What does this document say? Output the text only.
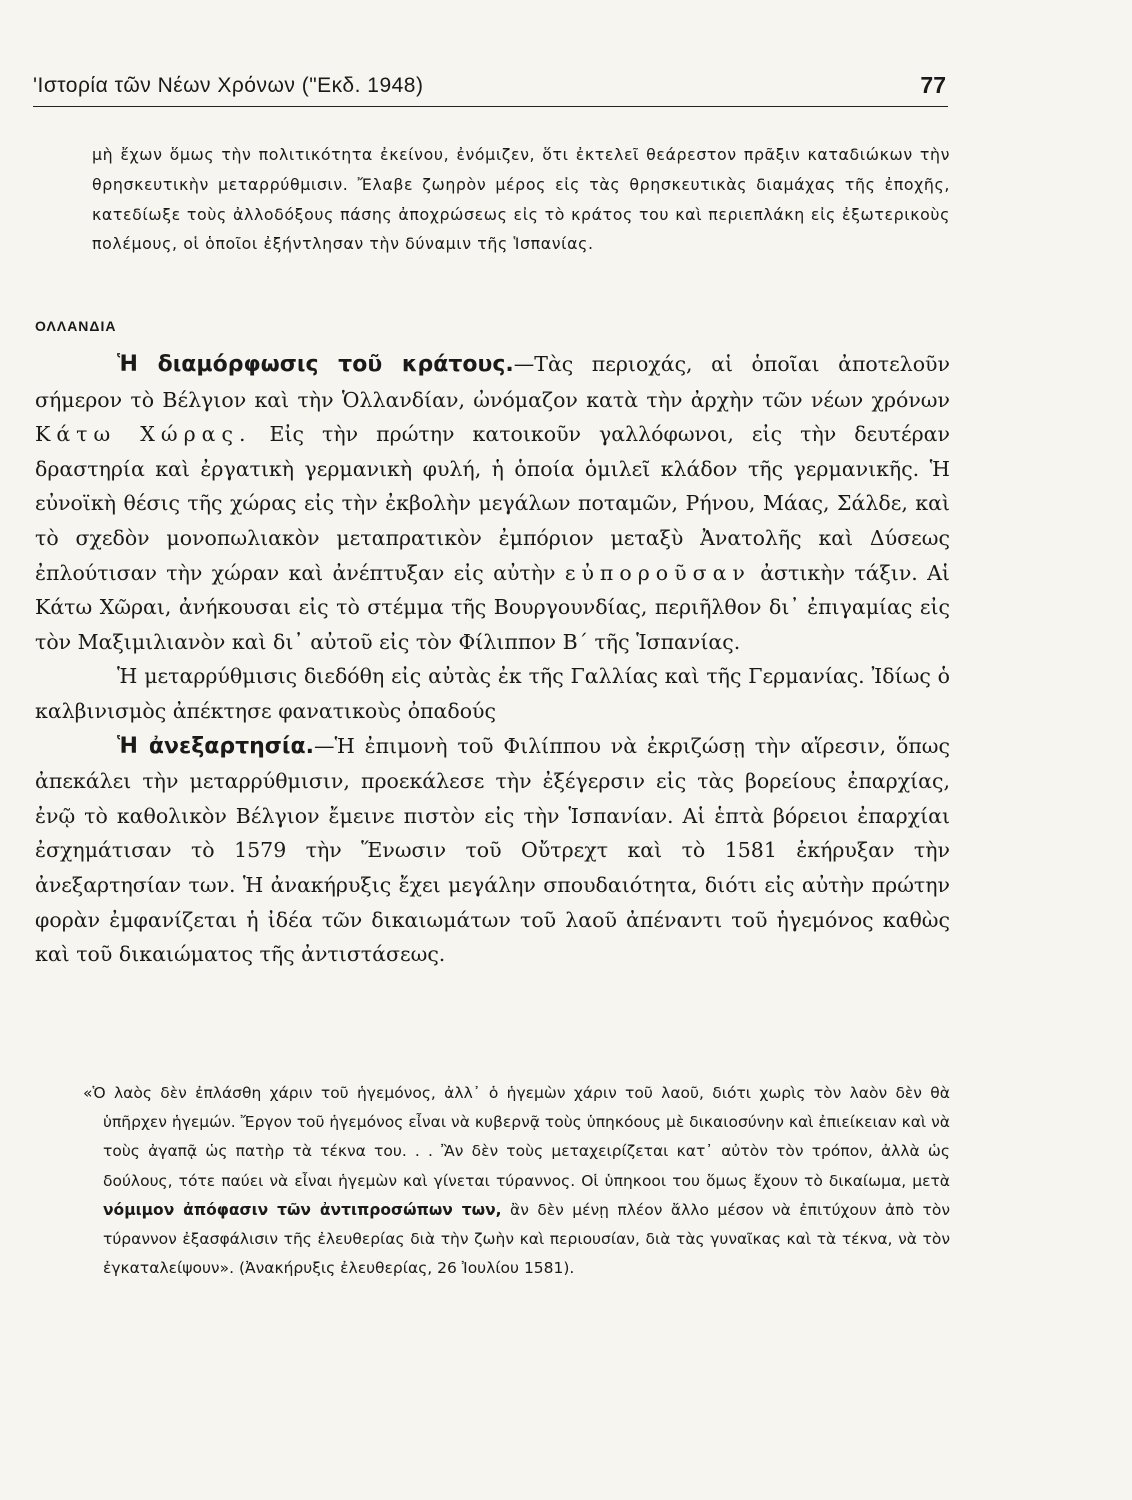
'Ιστορία τῶν Νέων Χρόνων ("Εκδ. 1948)	77

μὴ ἔχων ὅμως τὴν πολιτικότητα ἐκείνου, ἐνόμιζεν, ὅτι ἐκτελεῖ θεάρεστον πρᾶξιν καταδιώκων τὴν θρησκευτικὴν μεταρρύθμισιν. Ἔλαβε ζωηρὸν μέρος εἰς τὰς θρησκευτικὰς διαμάχας τῆς ἐποχῆς, κατεδίωξε τοὺς ἀλλοδόξους πάσης ἀποχρώσεως εἰς τὸ κράτος του καὶ περιεπλάκη εἰς ἐξωτερικοὺς πολέμους, οἱ ὁποῖοι ἐξήντλησαν τὴν δύναμιν τῆς Ἱσπανίας.

ΟΛΛΑΝΔΙΑ

Ἡ διαμόρφωσις τοῦ κράτους.—Τὰς περιοχάς, αἱ ὁποῖαι ἀποτελοῦν σήμερον τὸ Βέλγιον καὶ τὴν Ὁλλανδίαν, ὠνόμαζον κατὰ τὴν ἀρχὴν τῶν νέων χρόνων Κάτω Χώρας. Εἰς τὴν πρώτην κατοικοῦν γαλλόφωνοι, εἰς τὴν δευτέραν δραστηρία καὶ ἐργατικὴ γερμανικὴ φυλή, ἡ ὁποία ὁμιλεῖ κλάδον τῆς γερμανικῆς. Ἡ εὐνοϊκὴ θέσις τῆς χώρας εἰς τὴν ἐκβολὴν μεγάλων ποταμῶν, Ρήνου, Μάας, Σάλδε, καὶ τὸ σχεδὸν μονοπωλιακὸν μεταπρατικὸν ἐμπόριον μεταξὺ Ἀνατολῆς καὶ Δύσεως ἐπλούτισαν τὴν χώραν καὶ ἀνέπτυξαν εἰς αὐτὴν εὐποροῦσαν ἀστικὴν τάξιν. Αἱ Κάτω Χῶραι, ἀνήκουσαι εἰς τὸ στέμμα τῆς Βουργουνδίας, περιῆλθον δι᾽ ἐπιγαμίας εἰς τὸν Μαξιμιλιανὸν καὶ δι᾽ αὐτοῦ εἰς τὸν Φίλιππον Β´ τῆς Ἱσπανίας.

Ἡ μεταρρύθμισις διεδόθη εἰς αὐτὰς ἐκ τῆς Γαλλίας καὶ τῆς Γερμανίας. Ἰδίως ὁ καλβινισμὸς ἀπέκτησε φανατικοὺς ὀπαδούς

Ἡ ἀνεξαρτησία.—Ἡ ἐπιμονὴ τοῦ Φιλίππου νὰ ἐκριζώσῃ τὴν αἵρεσιν, ὅπως ἀπεκάλει τὴν μεταρρύθμισιν, προεκάλεσε τὴν ἐξέγερσιν εἰς τὰς βορείους ἐπαρχίας, ἐνῷ τὸ καθολικὸν Βέλγιον ἔμεινε πιστὸν εἰς τὴν Ἱσπανίαν. Αἱ ἑπτὰ βόρειοι ἐπαρχίαι ἐσχημάτισαν τὸ 1579 τὴν Ἕνωσιν τοῦ Οὔτρεχτ καὶ τὸ 1581 ἐκήρυξαν τὴν ἀνεξαρτησίαν των. Ἡ ἀνακήρυξις ἔχει μεγάλην σπουδαιότητα, διότι εἰς αὐτὴν πρώτην φορὰν ἐμφανίζεται ἡ ἰδέα τῶν δικαιωμάτων τοῦ λαοῦ ἀπέναντι τοῦ ἡγεμόνος καθὼς καὶ τοῦ δικαιώματος τῆς ἀντιστάσεως.

«Ὁ λαὸς δὲν ἐπλάσθη χάριν τοῦ ἡγεμόνος, ἀλλ᾽ ὁ ἡγεμὼν χάριν τοῦ λαοῦ, διότι χωρὶς τὸν λαὸν δὲν θὰ ὑπῆρχεν ἡγεμών. Ἔργον τοῦ ἡγεμόνος εἶναι νὰ κυβερνᾷ τοὺς ὑπηκόους μὲ δικαιοσύνην καὶ ἐπιείκειαν καὶ νὰ τοὺς ἀγαπᾷ ὡς πατὴρ τὰ τέκνα του. . . Ἂν δὲν τοὺς μεταχειρίζεται κατ᾽ αὐτὸν τὸν τρόπον, ἀλλὰ ὡς δούλους, τότε παύει νὰ εἶναι ἡγεμὼν καὶ γίνεται τύραννος. Οἱ ὑπηκοοι του ὅμως ἔχουν τὸ δικαίωμα, μετὰ νόμιμον ἀπόφασιν τῶν ἀντιπροσώπων των, ἂν δὲν μένῃ πλέον ἄλλο μέσον νὰ ἐπιτύχουν ἀπὸ τὸν τύραννον ἐξασφάλισιν τῆς ἐλευθερίας διὰ τὴν ζωὴν καὶ περιουσίαν, διὰ τὰς γυναῖκας καὶ τὰ τέκνα, νὰ τὸν ἐγκαταλείψουν». (Ἀνακήρυξις ἐλευθερίας, 26 Ἰουλίου 1581).
